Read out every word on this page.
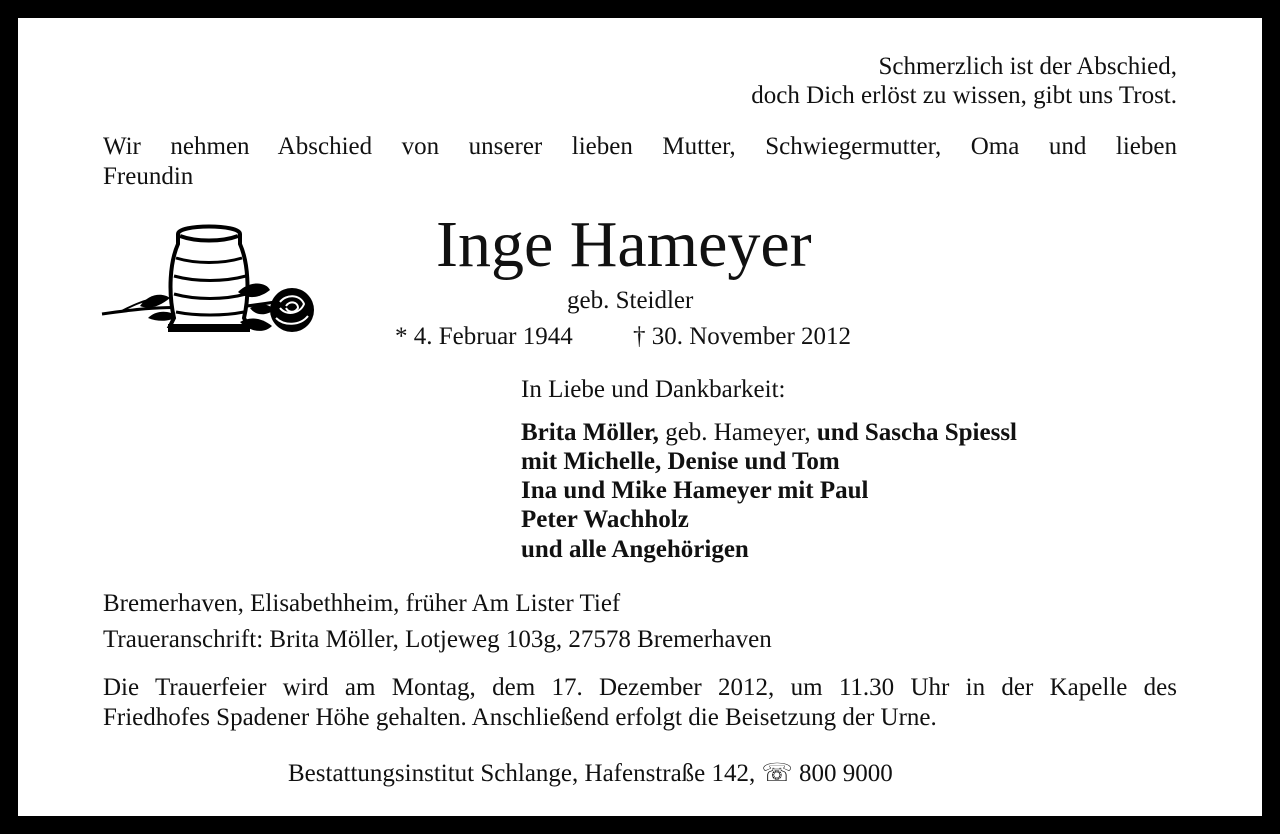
Schmerzlich ist der Abschied,
doch Dich erlöst zu wissen, gibt uns Trost.
Wir nehmen Abschied von unserer lieben Mutter, Schwiegermutter, Oma und lieben
Freundin
Inge Hameyer
geb. Steidler
* 4. Februar 1944 † 30. November 2012
In Liebe und Dankbarkeit:
Brita Möller, geb. Hameyer, und Sascha Spiessl
mit Michelle, Denise und Tom
Ina und Mike Hameyer mit Paul
Peter Wachholz
und alle Angehörigen
Bremerhaven, Elisabethheim, früher Am Lister Tief
Traueranschrift: Brita Möller, Lotjeweg 103g, 27578 Bremerhaven
Die Trauerfeier wird am Montag, dem 17. Dezember 2012, um 11.30 Uhr in der Kapelle des
Friedhofes Spadener Höhe gehalten. Anschließend erfolgt die Beisetzung der Urne.
Bestattungsinstitut Schlange, Hafenstraße 142, ☏ 800 9000
